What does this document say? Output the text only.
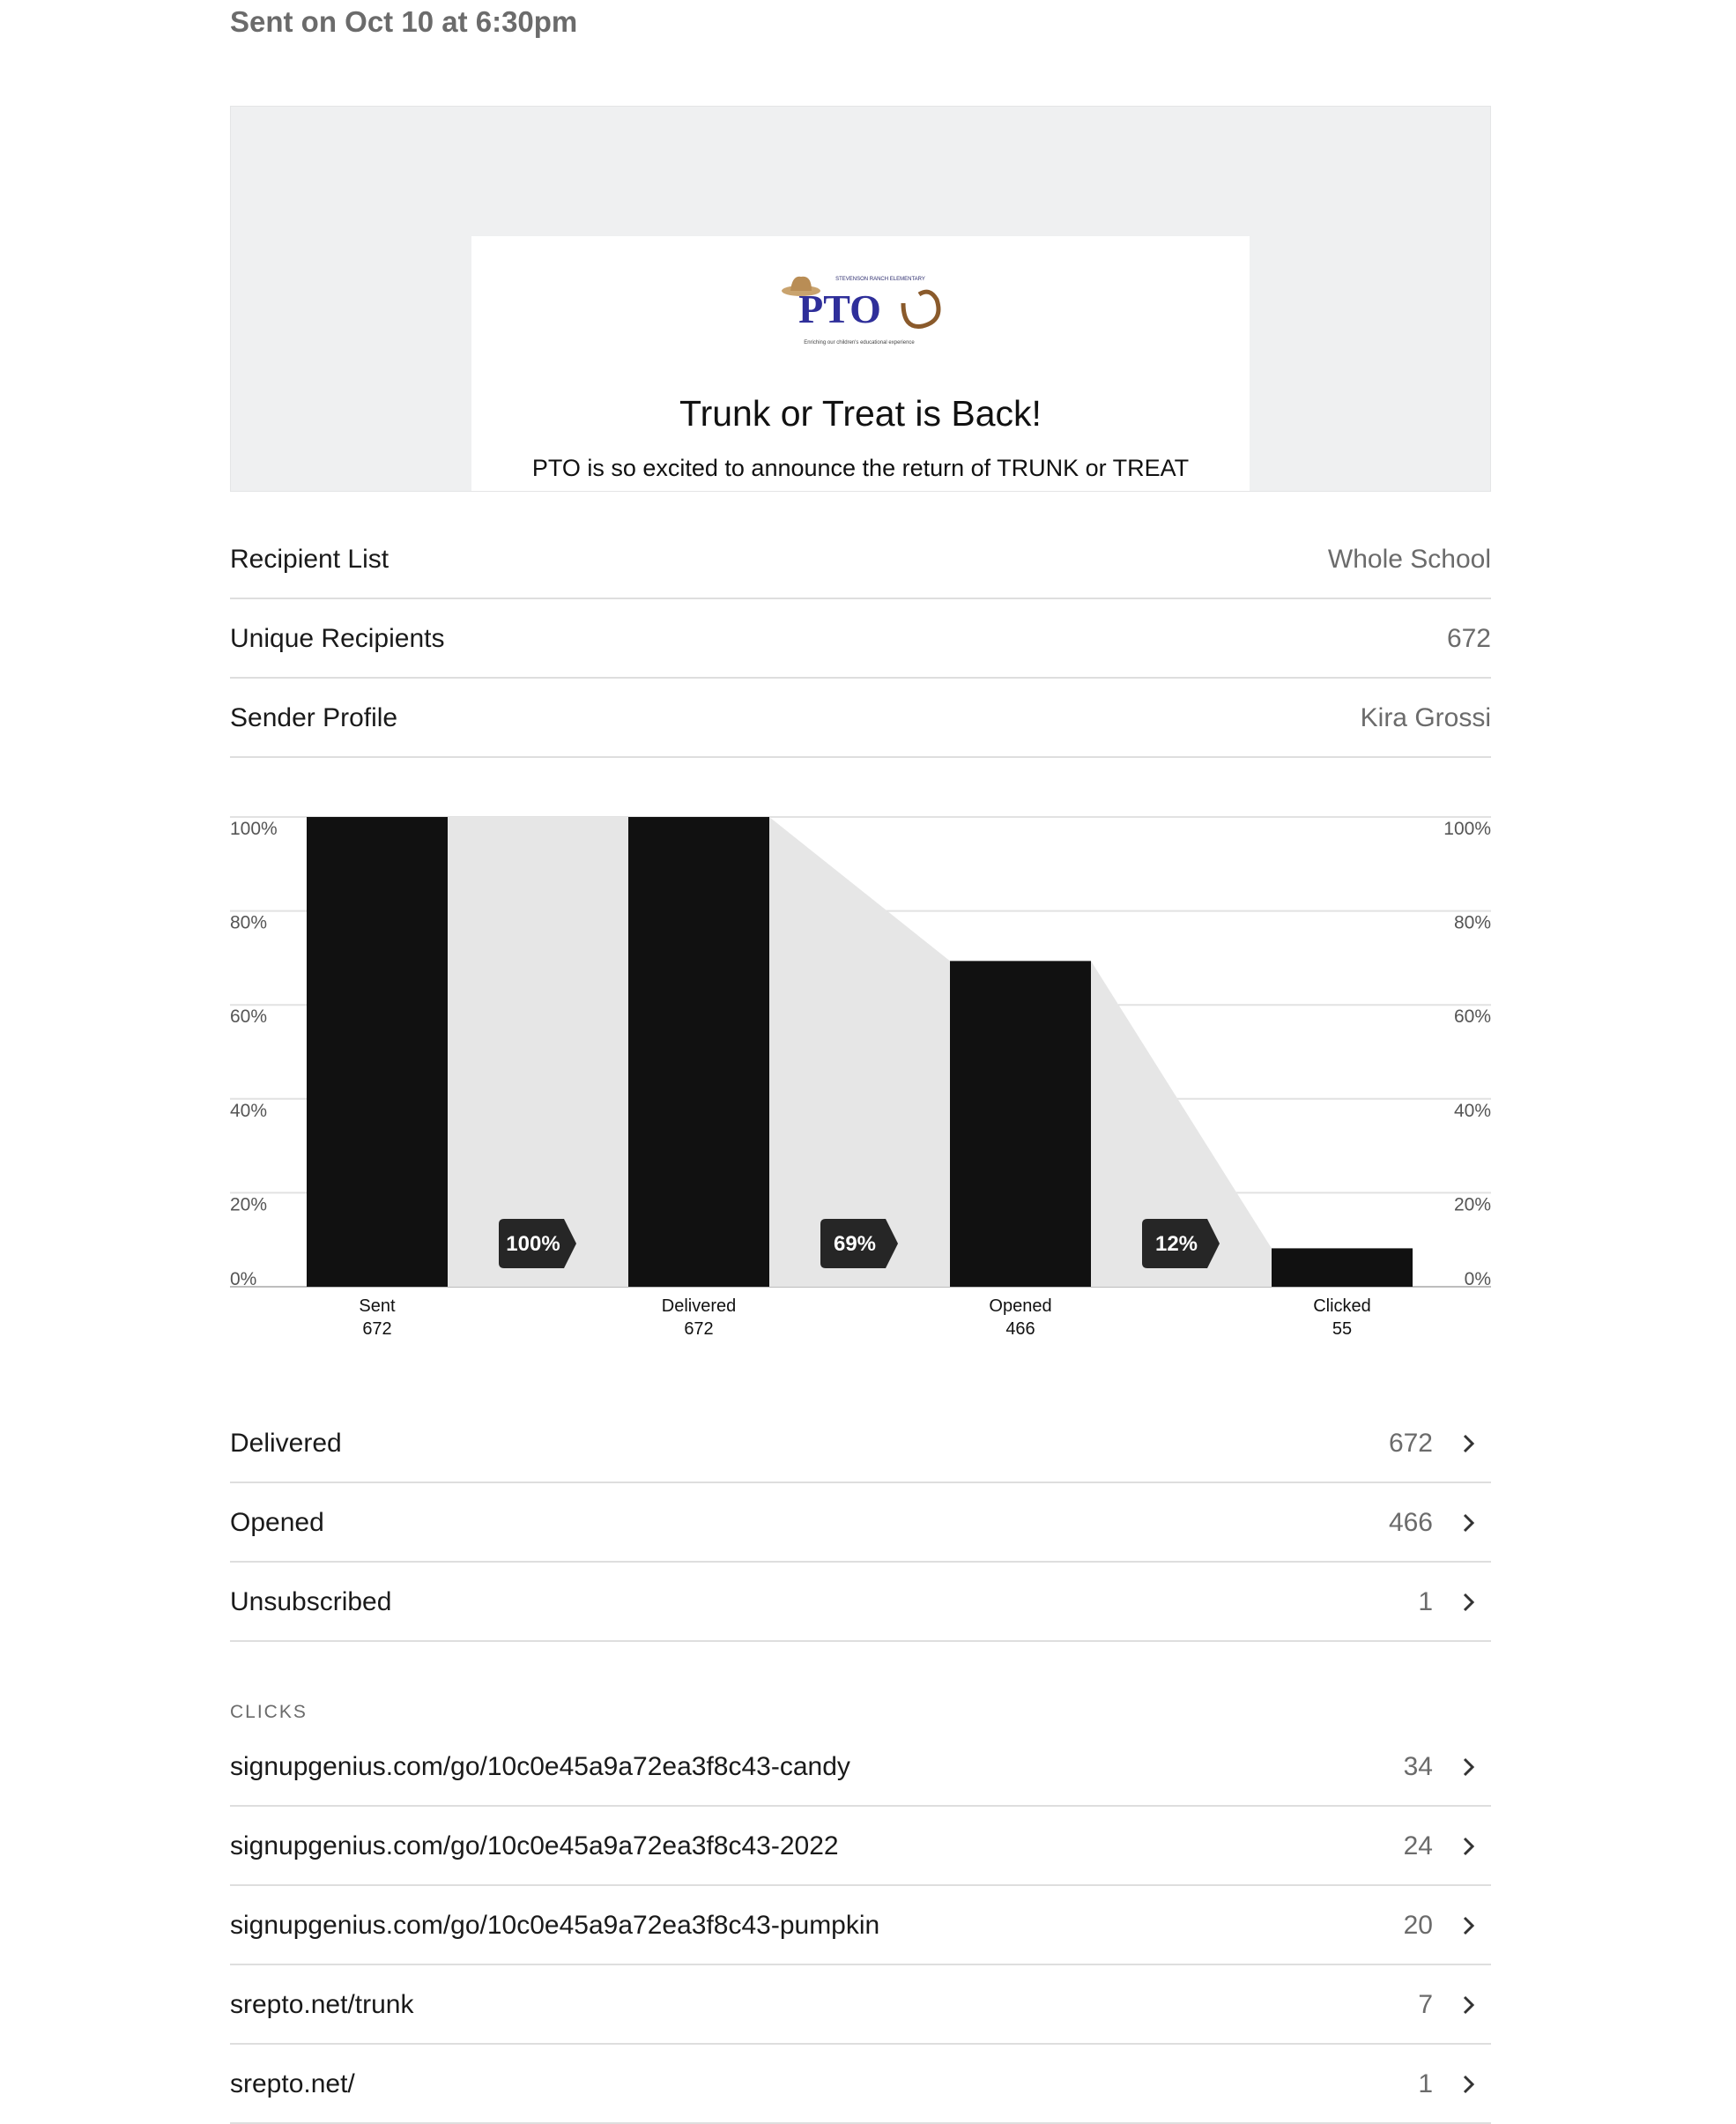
Sent on Oct 10 at 6:30pm
STEVENSON RANCH ELEMENTARY
PTO
Enriching our children's educational experience
Trunk or Treat is Back!
PTO is so excited to announce the return of TRUNK or TREAT
Recipient List	Whole School
Unique Recipients	672
Sender Profile	Kira Grossi
0%	0%
20%	20%
40%	40%
60%	60%
80%	80%
100%	100%
Sent
672
Delivered
672
Opened
466
Clicked
55
100%	69%	12%
Delivered	672
Opened	466
Unsubscribed	1
CLICKS
signupgenius.com/go/10c0e45a9a72ea3f8c43-candy	34
signupgenius.com/go/10c0e45a9a72ea3f8c43-2022	24
signupgenius.com/go/10c0e45a9a72ea3f8c43-pumpkin	20
srepto.net/trunk	7
srepto.net/	1
